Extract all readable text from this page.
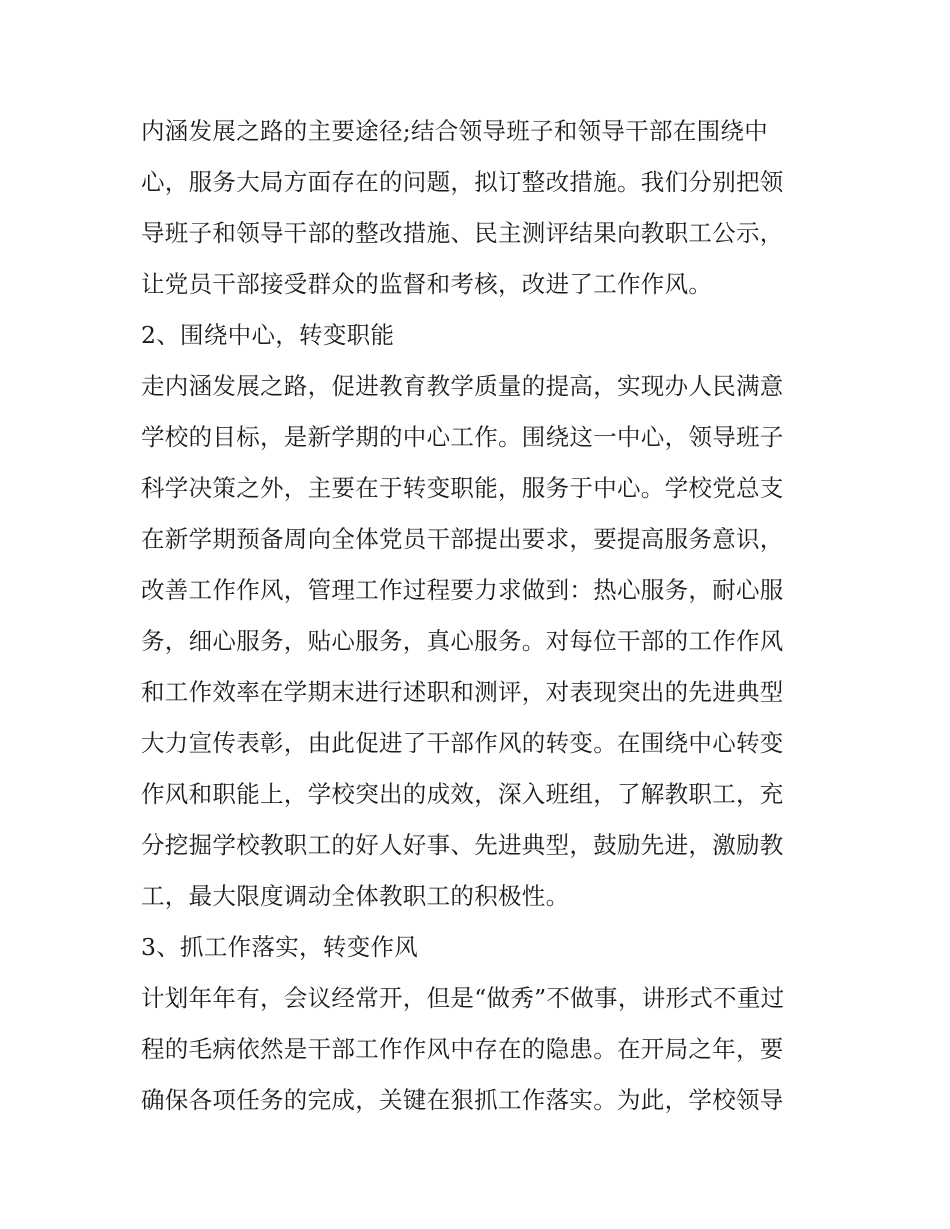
内涵发展之路的主要途径;结合领导班子和领导干部在围绕中
心，服务大局方面存在的问题，拟订整改措施。我们分别把领
导班子和领导干部的整改措施、民主测评结果向教职工公示，
让党员干部接受群众的监督和考核，改进了工作作风。
2、围绕中心，转变职能
走内涵发展之路，促进教育教学质量的提高，实现办人民满意
学校的目标，是新学期的中心工作。围绕这一中心，领导班子
科学决策之外，主要在于转变职能，服务于中心。学校党总支
在新学期预备周向全体党员干部提出要求，要提高服务意识，
改善工作作风，管理工作过程要力求做到：热心服务，耐心服
务，细心服务，贴心服务，真心服务。对每位干部的工作作风
和工作效率在学期末进行述职和测评，对表现突出的先进典型
大力宣传表彰，由此促进了干部作风的转变。在围绕中心转变
作风和职能上，学校突出的成效，深入班组，了解教职工，充
分挖掘学校教职工的好人好事、先进典型，鼓励先进，激励教
工，最大限度调动全体教职工的积极性。
3、抓工作落实，转变作风
计划年年有，会议经常开，但是“做秀”不做事，讲形式不重过
程的毛病依然是干部工作作风中存在的隐患。在开局之年，要
确保各项任务的完成，关键在狠抓工作落实。为此，学校领导
